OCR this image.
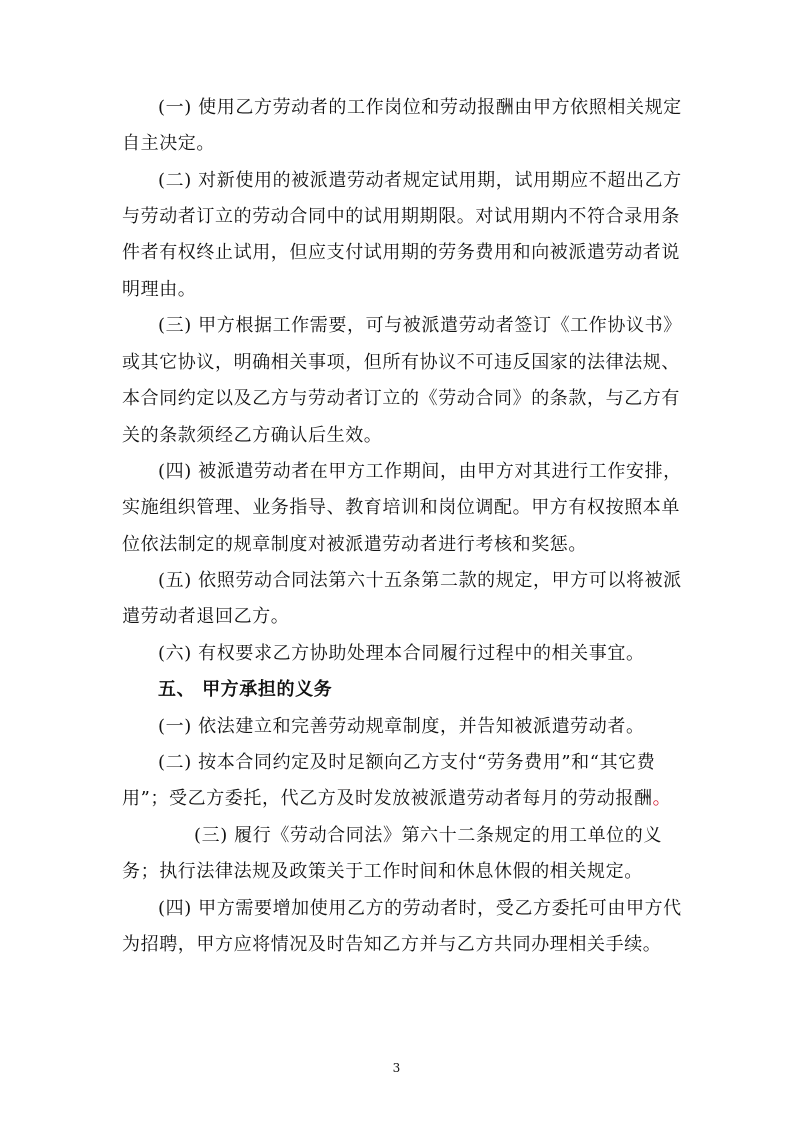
(一) 使用乙方劳动者的工作岗位和劳动报酬由甲方依照相关规定
自主决定。
(二) 对新使用的被派遣劳动者规定试用期，试用期应不超出乙方
与劳动者订立的劳动合同中的试用期期限。对试用期内不符合录用条
件者有权终止试用，但应支付试用期的劳务费用和向被派遣劳动者说
明理由。
(三) 甲方根据工作需要，可与被派遣劳动者签订《工作协议书》
或其它协议，明确相关事项，但所有协议不可违反国家的法律法规、
本合同约定以及乙方与劳动者订立的《劳动合同》的条款，与乙方有
关的条款须经乙方确认后生效。
(四) 被派遣劳动者在甲方工作期间，由甲方对其进行工作安排，
实施组织管理、业务指导、教育培训和岗位调配。甲方有权按照本单
位依法制定的规章制度对被派遣劳动者进行考核和奖惩。
(五) 依照劳动合同法第六十五条第二款的规定，甲方可以将被派
遣劳动者退回乙方。
(六) 有权要求乙方协助处理本合同履行过程中的相关事宜。
五、 甲方承担的义务
(一) 依法建立和完善劳动规章制度，并告知被派遣劳动者。
(二) 按本合同约定及时足额向乙方支付“劳务费用”和“其它费
用”；受乙方委托，代乙方及时发放被派遣劳动者每月的劳动报酬。
(三) 履行《劳动合同法》第六十二条规定的用工单位的义
务；执行法律法规及政策关于工作时间和休息休假的相关规定。
(四) 甲方需要增加使用乙方的劳动者时，受乙方委托可由甲方代
为招聘，甲方应将情况及时告知乙方并与乙方共同办理相关手续。
3
